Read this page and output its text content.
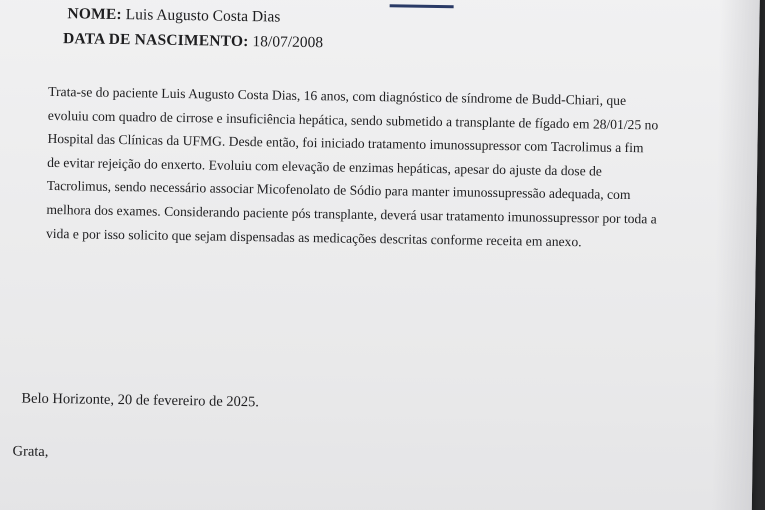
NOME: Luis Augusto Costa Dias
DATA DE NASCIMENTO: 18/07/2008
Trata-se do paciente Luis Augusto Costa Dias, 16 anos, com diagnóstico de síndrome de Budd-Chiari, que
evoluiu com quadro de cirrose e insuficiência hepática, sendo submetido a transplante de fígado em 28/01/25 no
Hospital das Clínicas da UFMG. Desde então, foi iniciado tratamento imunossupressor com Tacrolimus a fim
de evitar rejeição do enxerto. Evoluiu com elevação de enzimas hepáticas, apesar do ajuste da dose de
Tacrolimus, sendo necessário associar Micofenolato de Sódio para manter imunossupressão adequada, com
melhora dos exames. Considerando paciente pós transplante, deverá usar tratamento imunossupressor por toda a
vida e por isso solicito que sejam dispensadas as medicações descritas conforme receita em anexo.
Belo Horizonte, 20 de fevereiro de 2025.
Grata,
